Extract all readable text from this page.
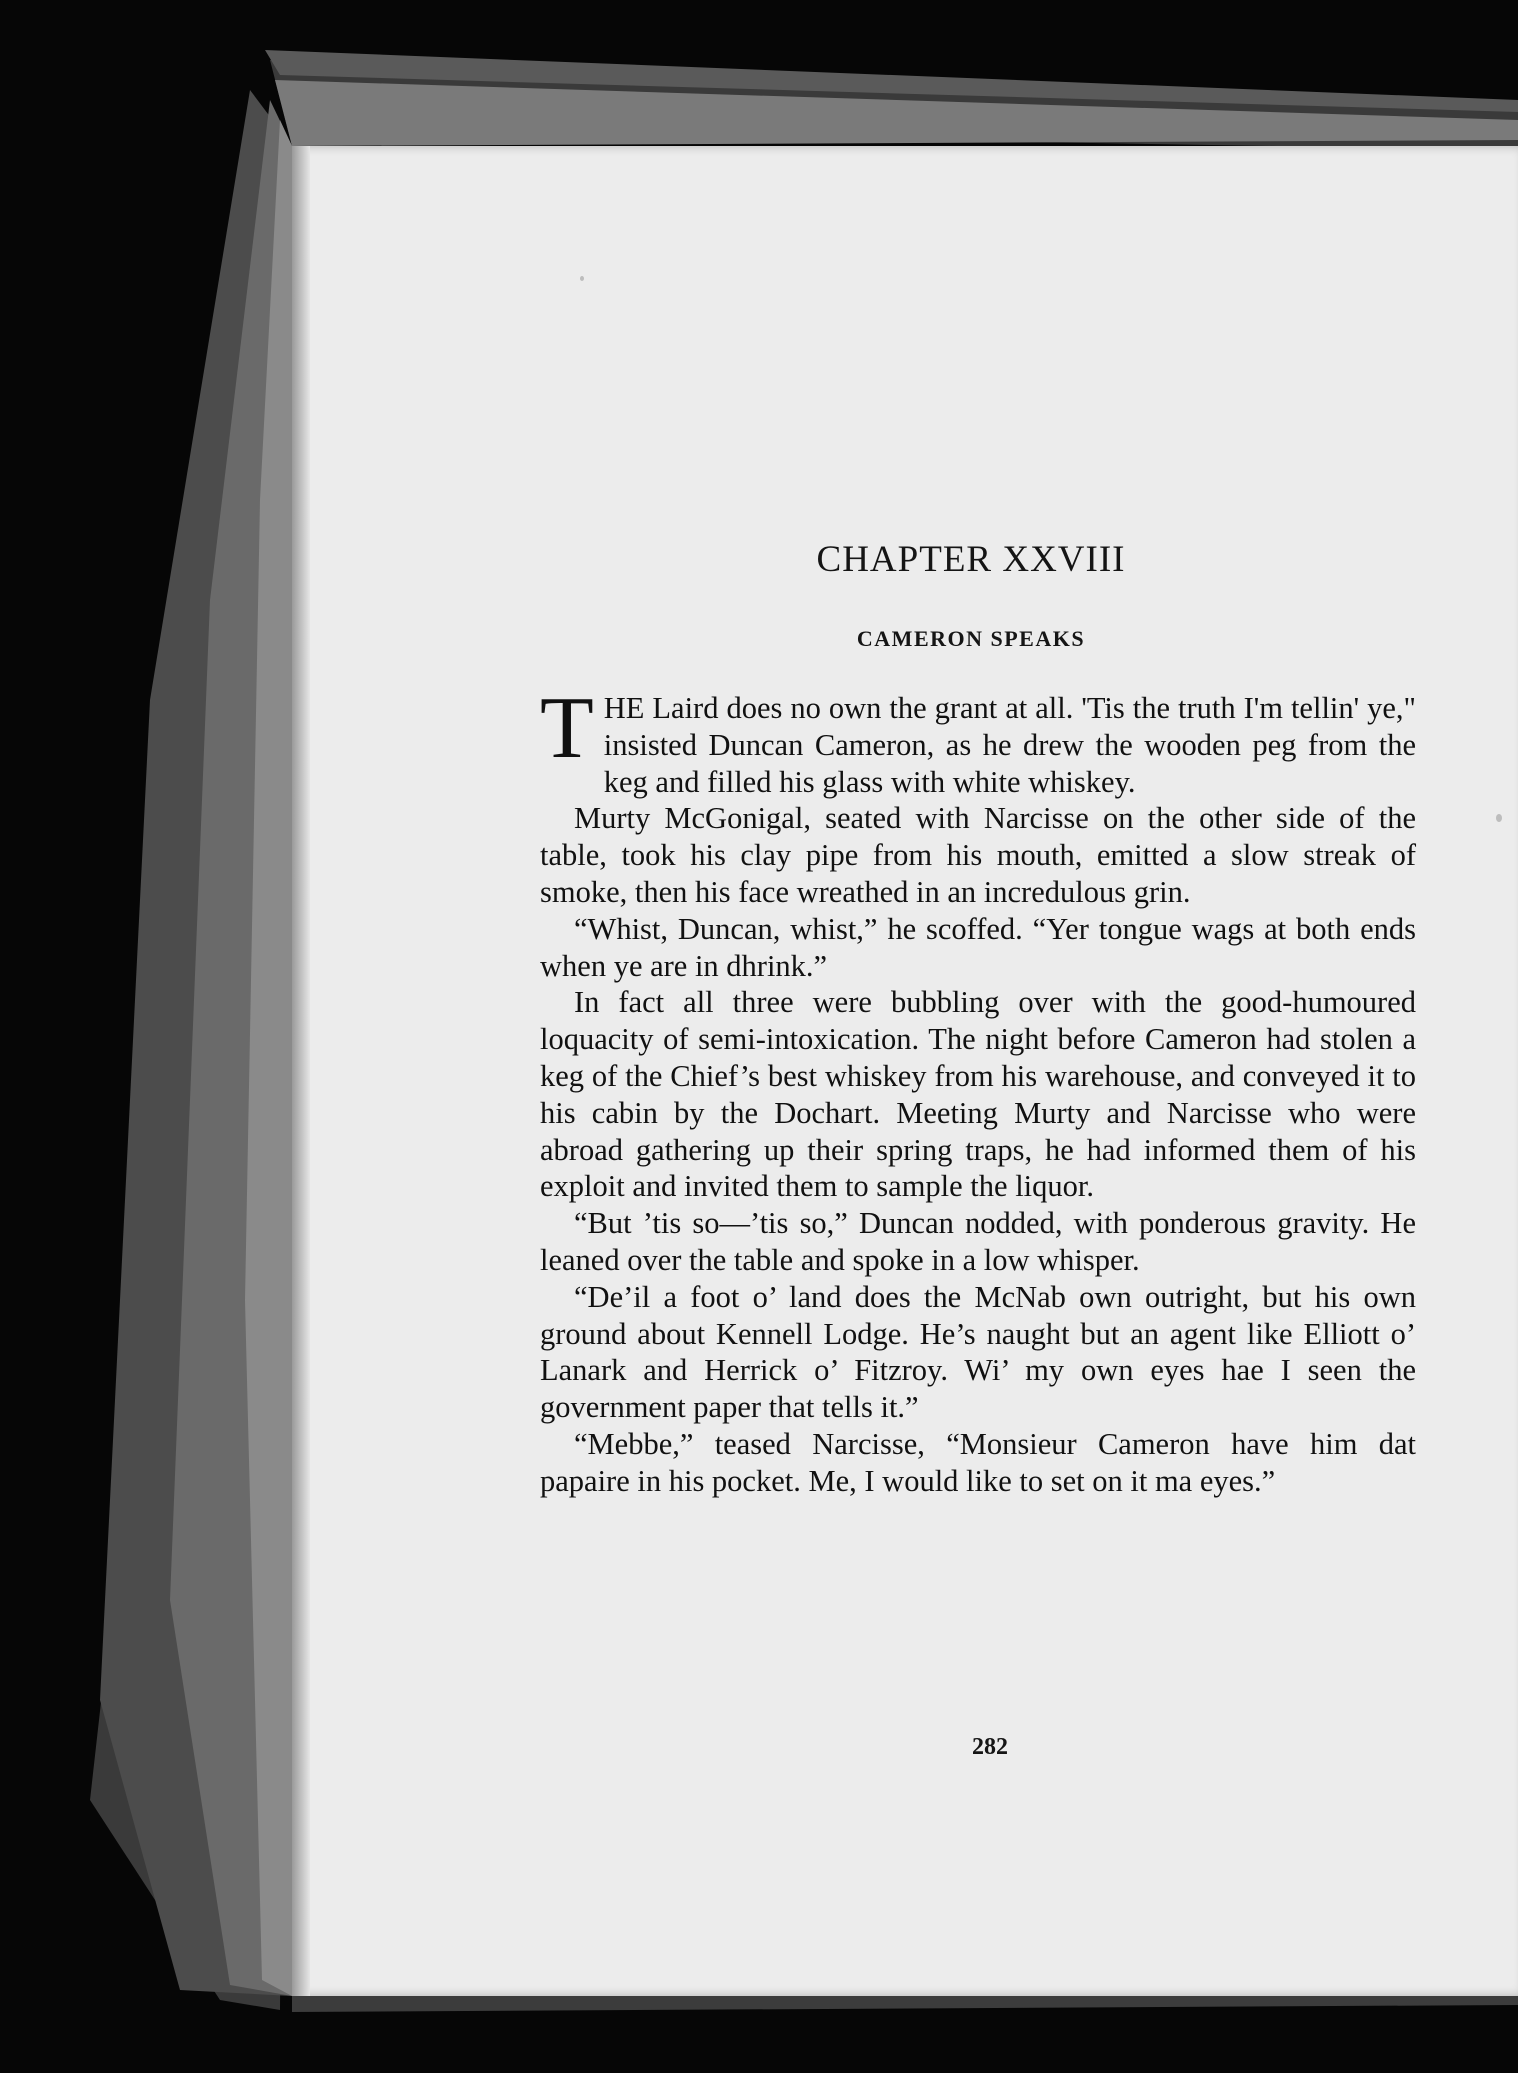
CHAPTER XXVIII
CAMERON SPEAKS

THE Laird does no own the grant at all. 'Tis the truth I'm tellin' ye," insisted Duncan Cameron, as he drew the wooden peg from the keg and filled his glass with white whiskey.

Murty McGonigal, seated with Narcisse on the other side of the table, took his clay pipe from his mouth, emitted a slow streak of smoke, then his face wreathed in an incredulous grin.

“Whist, Duncan, whist,” he scoffed. “Yer tongue wags at both ends when ye are in dhrink.”

In fact all three were bubbling over with the good-humoured loquacity of semi-intoxication. The night before Cameron had stolen a keg of the Chief’s best whiskey from his warehouse, and conveyed it to his cabin by the Dochart. Meeting Murty and Narcisse who were abroad gathering up their spring traps, he had informed them of his exploit and invited them to sample the liquor.

“But ’tis so—’tis so,” Duncan nodded, with ponderous gravity. He leaned over the table and spoke in a low whisper.

“De’il a foot o’ land does the McNab own outright, but his own ground about Kennell Lodge. He’s naught but an agent like Elliott o’ Lanark and Herrick o’ Fitzroy. Wi’ my own eyes hae I seen the government paper that tells it.”

“Mebbe,” teased Narcisse, “Monsieur Cameron have him dat papaire in his pocket. Me, I would like to set on it ma eyes.”

282
